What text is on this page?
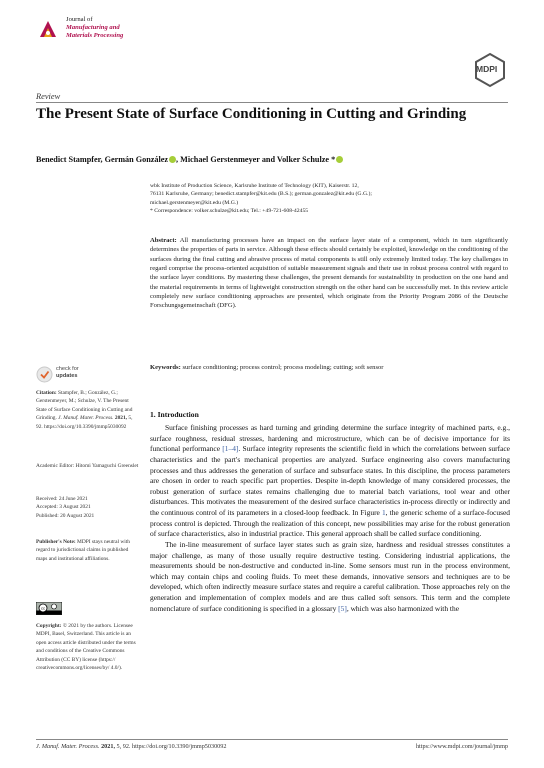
Journal of
Manufacturing and
Materials Processing
MDPI
Review
The Present State of Surface Conditioning in Cutting and Grinding
Benedict Stampfer, Germán González , Michael Gerstenmeyer and Volker Schulze *
wbk Institute of Production Science, Karlsruhe Institute of Technology (KIT), Kaiserstr. 12,
76131 Karlsruhe, Germany; benedict.stampfer@kit.edu (B.S.); german.gonzalez@kit.edu (G.G.);
michael.gerstenmeyer@kit.edu (M.G.)
* Correspondence: volker.schulze@kit.edu; Tel.: +49-721-608-42455
Abstract: All manufacturing processes have an impact on the surface layer state of a component, which in turn significantly determines the properties of parts in service. Although these effects should certainly be exploited, knowledge on the conditioning of the surfaces during the final cutting and abrasive process of metal components is still only extremely limited today. The key challenges in regard comprise the process-oriented acquisition of suitable measurement signals and their use in robust process control with regard to the surface layer conditions. By mastering these challenges, the present demands for sustainability in production on the one hand and the material requirements in terms of lightweight construction strength on the other hand can be successfully met. In this review article completely new surface conditioning approaches are presented, which originate from the Priority Program 2086 of the Deutsche Forschungsgemeinschaft (DFG).
Keywords: surface conditioning; process control; process modeling; cutting; soft sensor
check for
updates
Citation: Stampfer, B.; González, G.; Gerstenmeyer, M.; Schulze, V. The Present State of Surface Conditioning in Cutting and Grinding. J. Manuf. Mater. Process. 2021, 5, 92. https://doi.org/10.3390/jmmp5030092
Academic Editor: Hitomi Yamaguchi Greenslet
Received: 24 June 2021
Accepted: 3 August 2021
Published: 20 August 2021
Publisher's Note: MDPI stays neutral with regard to jurisdictional claims in published maps and institutional affiliations.
cc
Copyright: © 2021 by the authors. Licensee MDPI, Basel, Switzerland. This article is an open access article distributed under the terms and conditions of the Creative Commons Attribution (CC BY) license (https:// creativecommons.org/licenses/by/ 4.0/).
1. Introduction

Surface finishing processes as hard turning and grinding determine the surface integrity of machined parts, e.g., surface roughness, residual stresses, hardening and microstructure, which can be of decisive importance for its functional performance [1–4]. Surface integrity represents the scientific field in which the correlations between surface characteristics and the part's mechanical properties are analyzed. Surface engineering also covers manufacturing processes and thus addresses the generation of surface and subsurface states. In this discipline, the process parameters are chosen in order to reach specific part properties. Despite in-depth knowledge of many considered processes, the robust generation of surface states remains challenging due to material batch variations, tool wear and other disturbances. This motivates the measurement of the desired surface characteristics in-process directly or indirectly and the continuous control of its parameters in a closed-loop feedback. In Figure 1, the generic scheme of a surface-focused process control is depicted. Through the realization of this concept, new possibilities may arise for the robust generation of surface characteristics, also in industrial practice. This general approach shall be called surface conditioning.

The in-line measurement of surface layer states such as grain size, hardness and residual stresses constitutes a major challenge, as many of those usually require destructive testing. Considering industrial applications, the measurements should be non-destructive and conducted in-line. Some sensors must run in the process environment, which may contain chips and cooling fluids. To meet these demands, innovative sensors and techniques are to be developed, which often indirectly measure surface states and require a careful calibration. Those approaches rely on the generation and implementation of complex models and are thus called soft sensors. This term and the complete nomenclature of surface conditioning is specified in a glossary [5], which was also harmonized with the

J. Manuf. Mater. Process. 2021, 5, 92. https://doi.org/10.3390/jmmp5030092	https://www.mdpi.com/journal/jmmp
